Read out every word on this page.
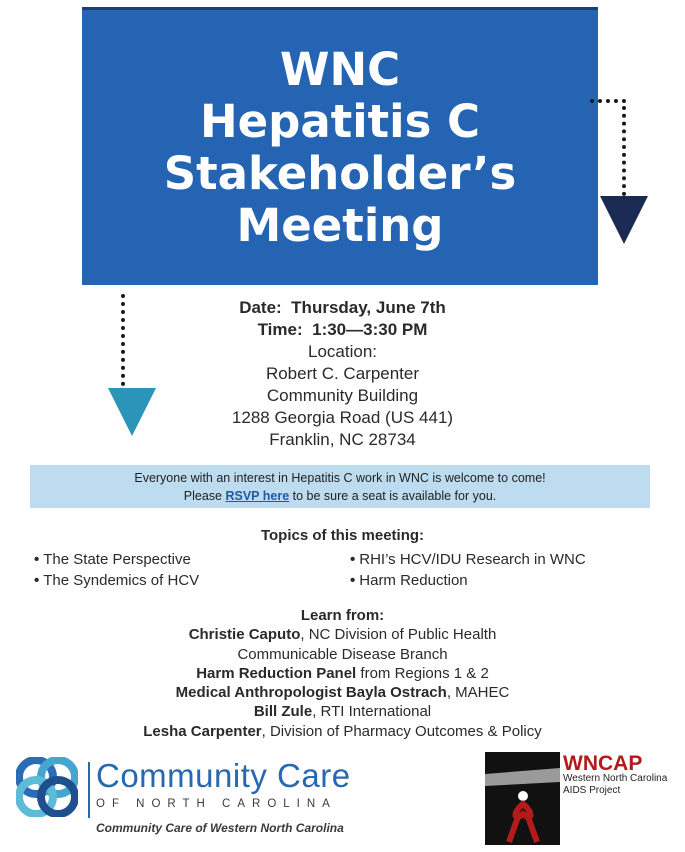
WNC
Hepatitis C
Stakeholder’s
Meeting
Date: Thursday, June 7th
Time: 1:30—3:30 PM
Location:
Robert C. Carpenter
Community Building
1288 Georgia Road (US 441)
Franklin, NC 28734
Everyone with an interest in Hepatitis C work in WNC is welcome to come!
Please RSVP here to be sure a seat is available for you.
Topics of this meeting:
• The State Perspective
• The Syndemics of HCV
• RHI’s HCV/IDU Research in WNC
• Harm Reduction
Learn from:
Christie Caputo, NC Division of Public Health
Communicable Disease Branch
Harm Reduction Panel from Regions 1 & 2
Medical Anthropologist Bayla Ostrach, MAHEC
Bill Zule, RTI International
Lesha Carpenter, Division of Pharmacy Outcomes & Policy
Community Care
OF NORTH CAROLINA
Community Care of Western North Carolina
WNCAP
Western North Carolina
AIDS Project
